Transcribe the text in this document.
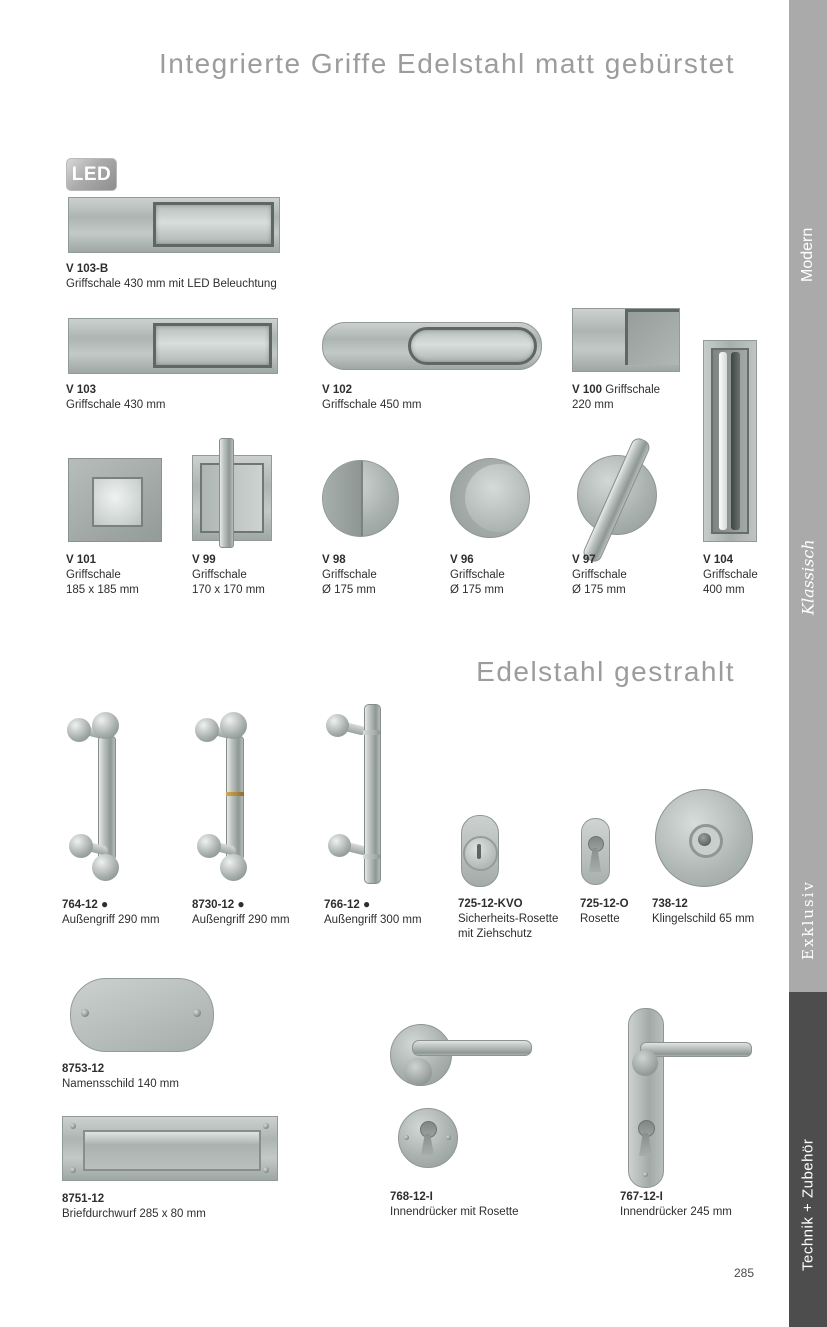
Integrierte Griffe Edelstahl matt gebürstet
Edelstahl gestrahlt
LED
V 103-B
Griffschale 430 mm mit LED Beleuchtung
V 103
Griffschale 430 mm
V 102
Griffschale 450 mm
V 100 Griffschale
220 mm
V 101
Griffschale
185 x 185 mm
V 99
Griffschale
170 x 170 mm
V 98
Griffschale
Ø 175 mm
V 96
Griffschale
Ø 175 mm
V 97
Griffschale
Ø 175 mm
V 104
Griffschale
400 mm
764-12 ●
Außengriff 290 mm
8730-12 ●
Außengriff 290 mm
766-12 ●
Außengriff 300 mm
725-12-KVO
Sicherheits-Rosette
mit Ziehschutz
725-12-O
Rosette
738-12
Klingelschild 65 mm
8753-12
Namensschild 140 mm
8751-12
Briefdurchwurf 285 x 80 mm
768-12-I
Innendrücker mit Rosette
767-12-I
Innendrücker 245 mm
Modern
Klassisch
Exklusiv
Technik + Zubehör
285
